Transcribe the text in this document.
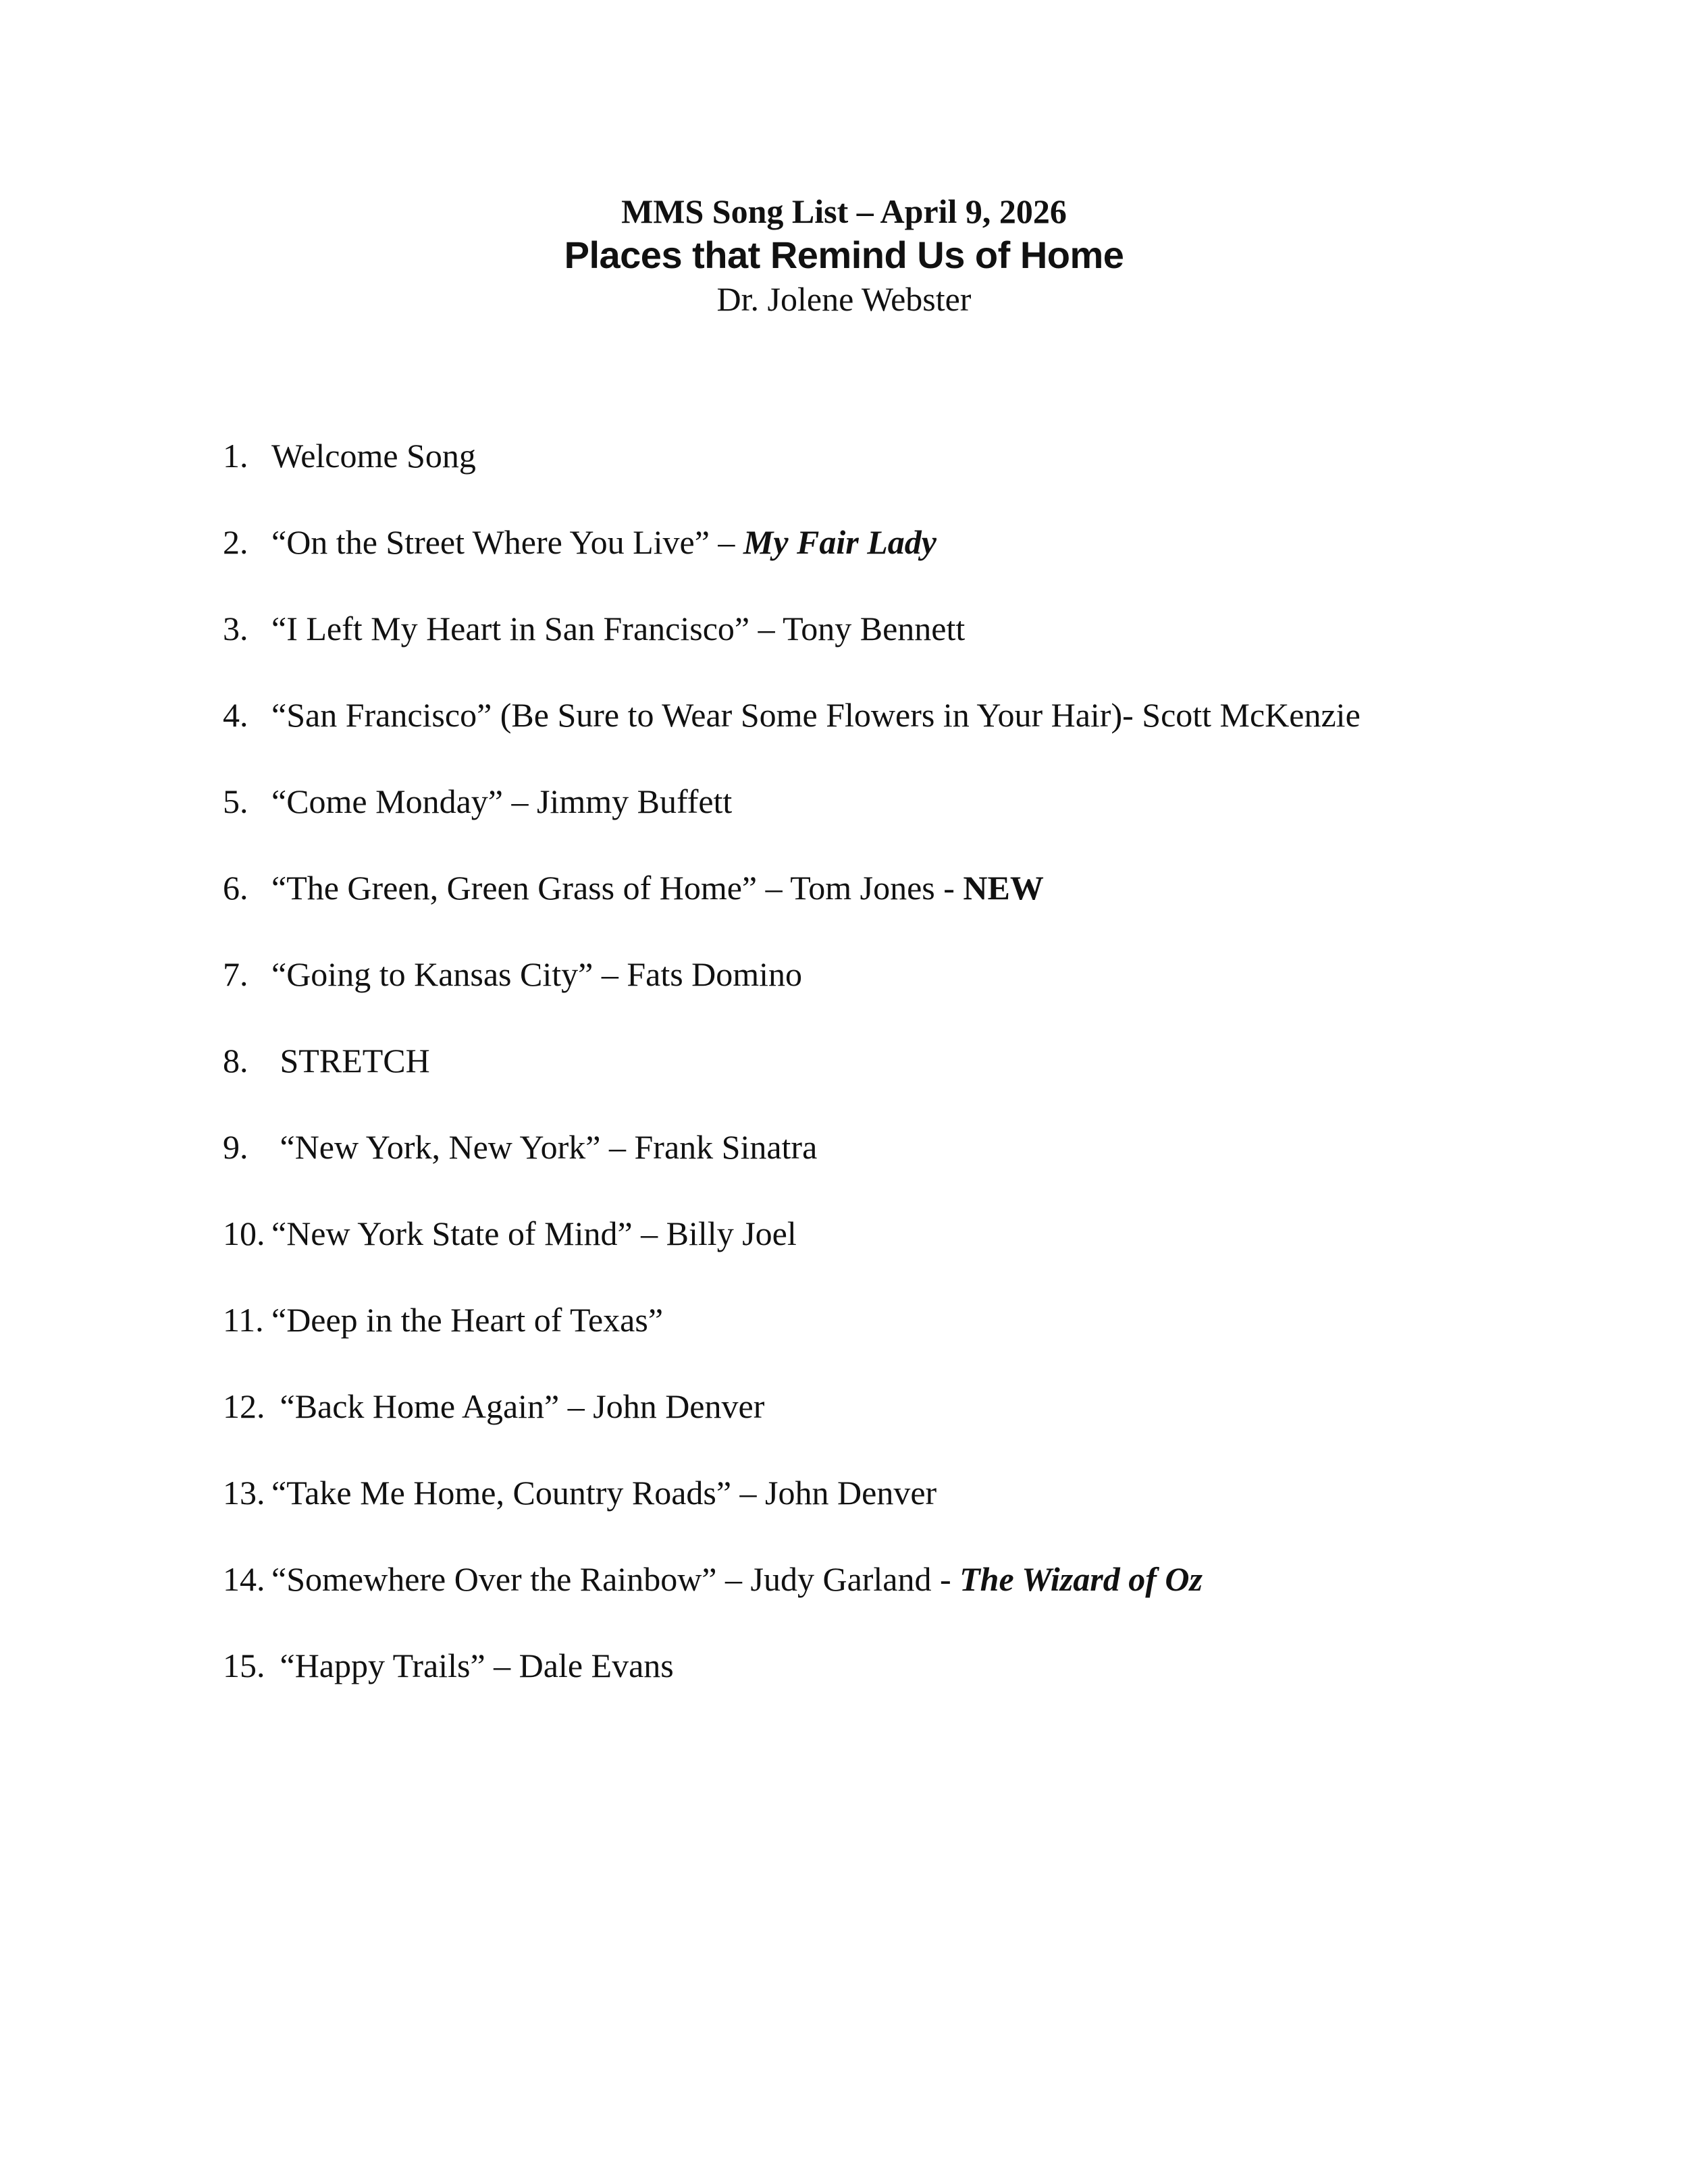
MMS Song List – April 9, 2026

Places that Remind Us of Home

Dr. Jolene Webster

1. Welcome Song
2. “On the Street Where You Live” – My Fair Lady
3. “I Left My Heart in San Francisco” – Tony Bennett
4. “San Francisco” (Be Sure to Wear Some Flowers in Your Hair)- Scott McKenzie
5. “Come Monday” – Jimmy Buffett
6. “The Green, Green Grass of Home” – Tom Jones - NEW
7. “Going to Kansas City” – Fats Domino
8. STRETCH
9. “New York, New York” – Frank Sinatra
10. “New York State of Mind” – Billy Joel
11. “Deep in the Heart of Texas”
12. “Back Home Again” – John Denver
13. “Take Me Home, Country Roads” – John Denver
14. “Somewhere Over the Rainbow” – Judy Garland - The Wizard of Oz
15. “Happy Trails” – Dale Evans
